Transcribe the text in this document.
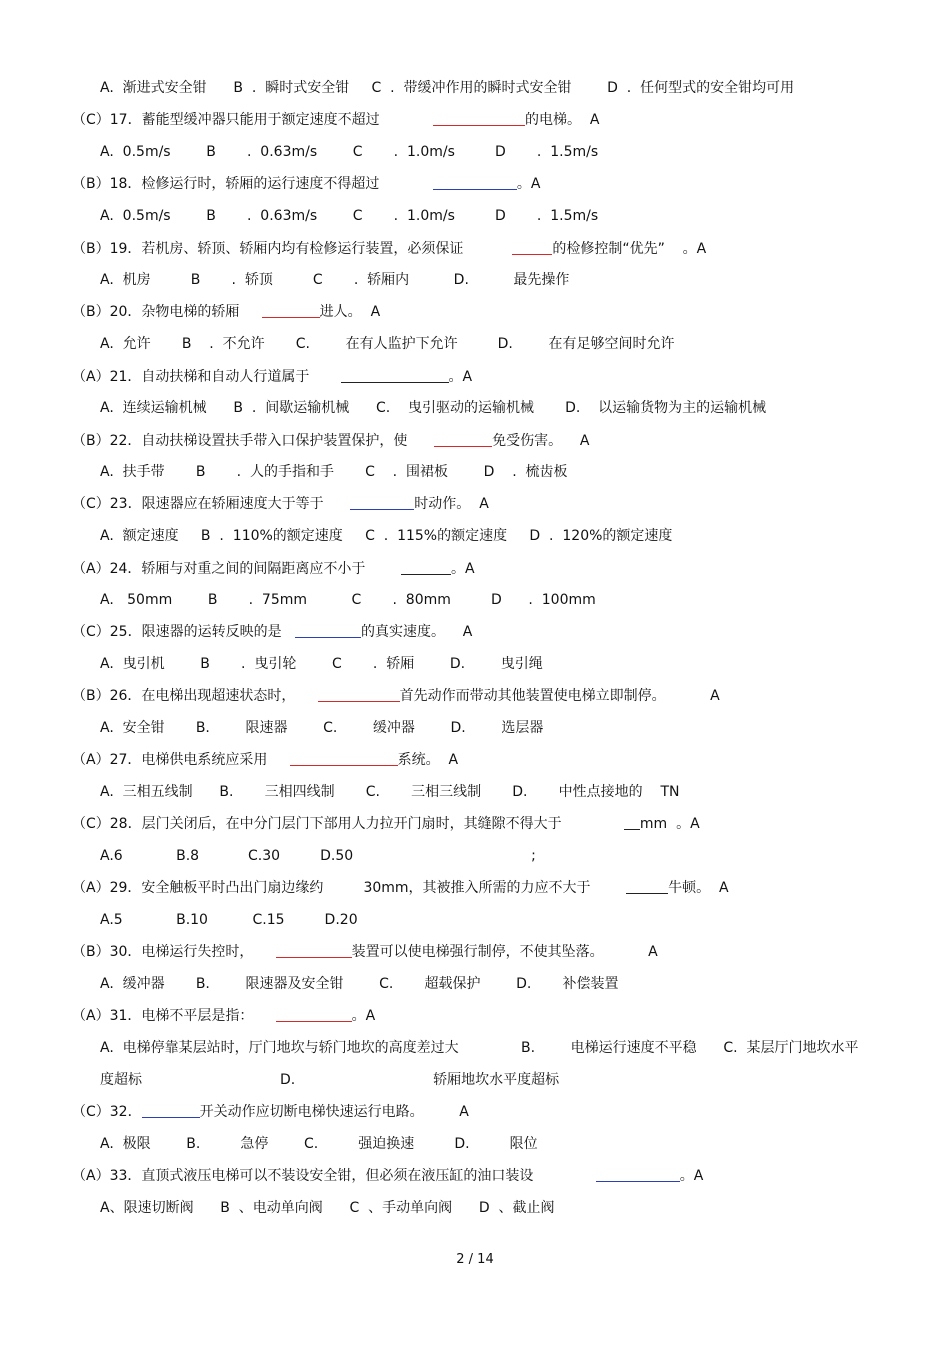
A.  渐进式安全钳      B  .  瞬时式安全钳     C  .  带缓冲作用的瞬时式安全钳        D  .  任何型式的安全钳均可用
（C）17．蓄能型缓冲器只能用于额定速度不超过	的电梯。  A
A.  0.5m/s        B       .  0.63m/s        C       .  1.0m/s         D       .  1.5m/s
（B）18．检修运行时，轿厢的运行速度不得超过	。A
A.  0.5m/s        B       .  0.63m/s        C       .  1.0m/s         D       .  1.5m/s
（B）19．若机房、轿顶、轿厢内均有检修运行装置，必须保证	的检修控制“优先”    。A
A.  机房         B       .  轿顶         C       .  轿厢内          D.          最先操作
（B）20．杂物电梯的轿厢	进人。  A
A.  允许       B    .  不允许       C.        在有人监护下允许         D.        在有足够空间时允许
（A）21．自动扶梯和自动人行道属于	。A
A.  连续运输机械      B  .  间歇运输机械      C.    曳引驱动的运输机械       D.    以运输货物为主的运输机械
（B）22．自动扶梯设置扶手带入口保护装置保护，使	免受伤害。    A
A.  扶手带       B       .  人的手指和手       C    .  围裙板        D    .  梳齿板
（C）23．限速器应在轿厢速度大于等于	时动作。  A
A.  额定速度     B  .  110%的额定速度     C  .  115%的额定速度     D  .  120%的额定速度
（A）24．轿厢与对重之间的间隔距离应不小于	。A
A.   50mm        B       .  75mm          C       .  80mm         D      .  100mm
（C）25．限速器的运转反映的是	的真实速度。    A
A.  曳引机        B       .  曳引轮        C       .  轿厢        D.        曳引绳
（B）26．在电梯出现超速状态时，	首先动作而带动其他装置使电梯立即制停。          A
A.  安全钳       B.        限速器        C.        缓冲器        D.        选层器
（A）27．电梯供电系统应采用	系统。  A
A.  三相五线制      B.       三相四线制       C.       三相三线制       D.       中性点接地的    TN
（C）28．层门关闭后，在中分门层门下部用人力拉开门扇时，其缝隙不得大于              mm  。A
A.6            B.8           C.30         D.50                                        ;
（A）29．安全触板平时凸出门扇边缘约         30mm，其被推入所需的力应不大于	牛顿。  A
A.5            B.10          C.15         D.20
（B）30．电梯运行失控时，	装置可以使电梯强行制停，不使其坠落。          A
A.  缓冲器       B.        限速器及安全钳        C.       超载保护        D.       补偿装置
（A）31．电梯不平层是指：	。A
A.  电梯停靠某层站时，厅门地坎与轿门地坎的高度差过大              B.        电梯运行速度不平稳      C.  某层厅门地坎水平
度超标                               D.                               轿厢地坎水平度超标
（C）32．	开关动作应切断电梯快速运行电路。        A
A.  极限        B.         急停        C.         强迫换速         D.         限位
（A）33．直顶式液压电梯可以不装设安全钳，但必须在液压缸的油口装设	。A
A、限速切断阀      B  、电动单向阀      C  、手动单向阀      D  、截止阀
2 / 14
